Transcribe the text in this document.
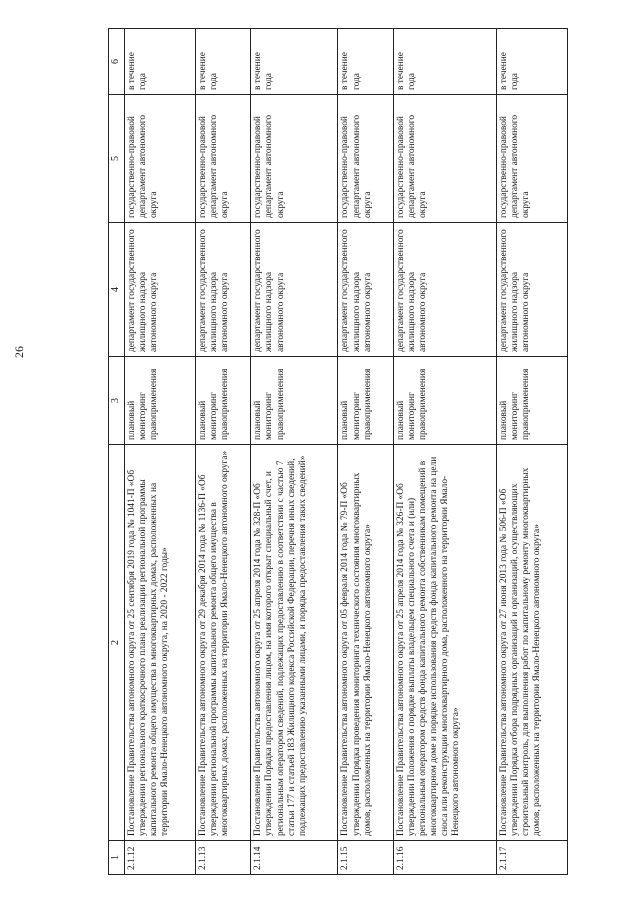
26
1	2	3	4	5	6
2.1.12	Постановление Правительства автономного округа от 25 сентября 2019 года № 1041-П «Об утверждении регионального краткосрочного плана реализации региональной программы капитального ремонта общего имущества в многоквартирных домах, расположенных на территории Ямало-Ненецкого автономного округа, на 2020 - 2022 годы»	плановый мониторинг правоприменения	департамент государственного жилищного надзора автономного округа	государственно-правовой департамент автономного округа	в течение года
2.1.13	Постановление Правительства автономного округа от 29 декабря 2014 года № 1136-П «Об утверждении региональной программы капитального ремонта общего имущества в многоквартирных домах, расположенных на территории Ямало-Ненецкого автономного округа»	плановый мониторинг правоприменения	департамент государственного жилищного надзора автономного округа	государственно-правовой департамент автономного округа	в течение года
2.1.14	Постановление Правительства автономного округа от 25 апреля 2014 года № 328-П «Об утверждении Порядка предоставления лицом, на имя которого открыт специальный счет, и региональным оператором сведений, подлежащих предоставлению в соответствии с частью 7 статьи 177 и статьей 183 Жилищного кодекса Российской Федерации, перечня иных сведений, подлежащих предоставлению указанными лицами, и порядка предоставления таких сведений»	плановый мониторинг правоприменения	департамент государственного жилищного надзора автономного округа	государственно-правовой департамент автономного округа	в течение года
2.1.15	Постановление Правительства автономного округа от 05 февраля 2014 года № 79-П «Об утверждении Порядка проведения мониторинга технического состояния многоквартирных домов, расположенных на территории Ямало-Ненецкого автономного округа»	плановый мониторинг правоприменения	департамент государственного жилищного надзора автономного округа	государственно-правовой департамент автономного округа	в течение года
2.1.16	Постановление Правительства автономного округа от 25 апреля 2014 года № 326-П «Об утверждении Положения о порядке выплаты владельцем специального счета и (или) региональным оператором средств фонда капитального ремонта собственникам помещений в многоквартирном доме и порядке использования средств фонда капитального ремонта на цели сноса или реконструкции многоквартирного дома, расположенного на территории Ямало-Ненецкого автономного округа»	плановый мониторинг правоприменения	департамент государственного жилищного надзора автономного округа	государственно-правовой департамент автономного округа	в течение года
2.1.17	Постановление Правительства автономного округа от 27 июня 2013 года № 506-П «Об утверждении Порядка отбора подрядных организаций и организаций, осуществляющих строительный контроль, для выполнения работ по капитальному ремонту многоквартирных домов, расположенных на территории Ямало-Ненецкого автономного округа»	плановый мониторинг правоприменения	департамент государственного жилищного надзора автономного округа	государственно-правовой департамент автономного округа	в течение года
